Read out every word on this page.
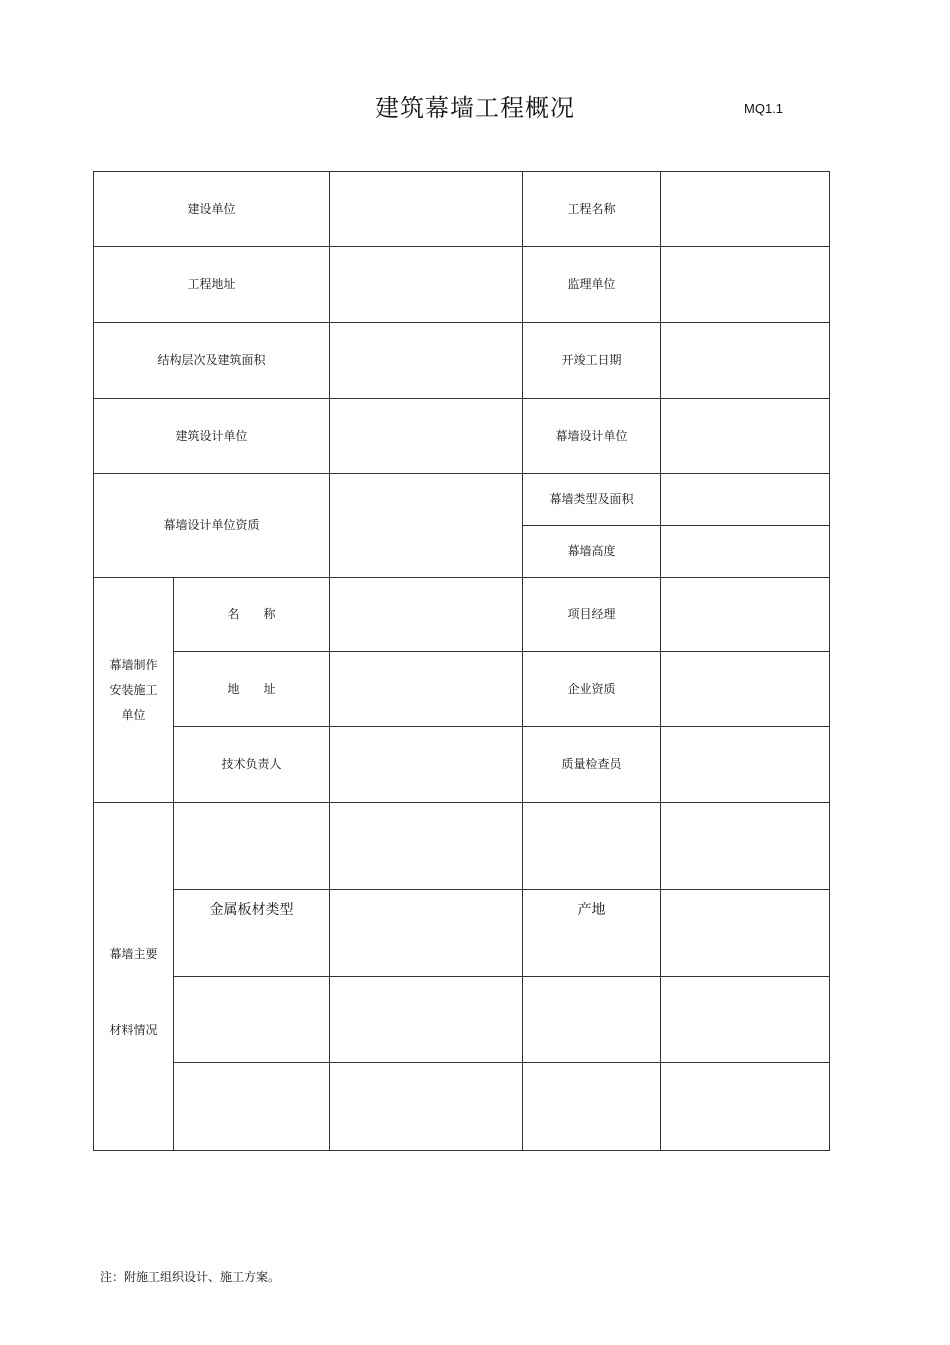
建筑幕墙工程概况	MQ1.1
建设单位			工程名称	
工程地址			监理单位	
结构层次及建筑面积			开竣工日期	
建筑设计单位			幕墙设计单位	
幕墙设计单位资质			幕墙类型及面积	
			幕墙高度	

幕墙制作
安装施工
单位	名　　称		项目经理	
	地　　址		企业资质	
	技术负责人		质量检查员	

幕墙主要
材料情况				

	金属板材类型		产地	

注：附施工组织设计、施工方案。
